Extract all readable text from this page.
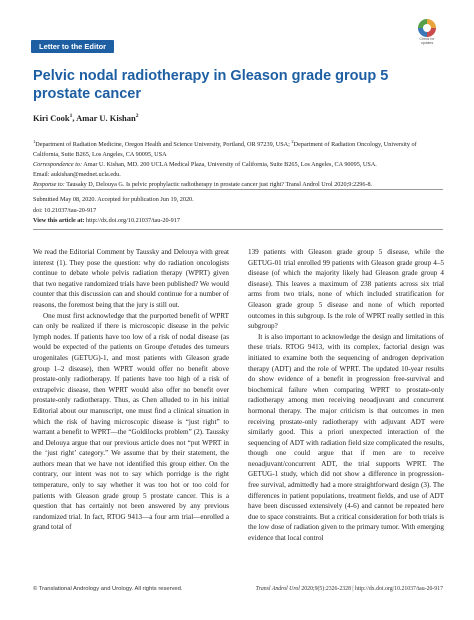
Letter to the Editor
Check for updates
Pelvic nodal radiotherapy in Gleason grade group 5 prostate cancer
Kiri Cook$^1$, Amar U. Kishan$^2$

$^1$Department of Radiation Medicine, Oregon Health and Science University, Portland, OR 97239, USA; $^2$Department of Radiation Oncology, University of California, Suite B265, Los Angeles, CA 90095, USA

Correspondence to: Amar U. Kishan, MD. 200 UCLA Medical Plaza, University of California, Suite B265, Los Angeles, CA 90095, USA.

Email: aukishan@mednet.ucla.edu.

Response to: Tausaky D, Delouya G. Is pelvic prophylactic radiotherapy in prostate cancer just right? Transl Androl Urol 2020;9:2296-8.

Submitted May 08, 2020. Accepted for publication Jun 19, 2020.

doi: 10.21037/tau-20-917

View this article at: http://dx.doi.org/10.21037/tau-20-917

We read the Editorial Comment by Taussky and Delouya with great interest (1). They pose the question: why do radiation oncologists continue to debate whole pelvis radiation therapy (WPRT) given that two negative randomized trials have been published? We would counter that this discussion can and should continue for a number of reasons, the foremost being that the jury is still out.

One must first acknowledge that the purported benefit of WPRT can only be realized if there is microscopic disease in the pelvic lymph nodes. If patients have too low of a risk of nodal disease (as would be expected of the patients on Groupe d'etudes des tumeurs urogenitales (GETUG)-1, and most patients with Gleason grade group 1–2 disease), then WPRT would offer no benefit above prostate-only radiotherapy. If patients have too high of a risk of extrapelvic disease, then WPRT would also offer no benefit over prostate-only radiotherapy. Thus, as Chen alluded to in his initial Editorial about our manuscript, one must find a clinical situation in which the risk of having microscopic disease is “just right” to warrant a benefit to WPRT—the “Goldilocks problem” (2). Taussky and Delouya argue that our previous article does not “put WPRT in the ‘just right’ category.” We assume that by their statement, the authors mean that we have not identified this group either. On the contrary, our intent was not to say which porridge is the right temperature, only to say whether it was too hot or too cold for patients with Gleason grade group 5 prostate cancer. This is a question that has certainly not been answered by any previous randomized trial. In fact, RTOG 9413—a four arm trial—enrolled a grand total of

139 patients with Gleason grade group 5 disease, while the GETUG-01 trial enrolled 99 patients with Gleason grade group 4–5 disease (of which the majority likely had Gleason grade group 4 disease). This leaves a maximum of 238 patients across six trial arms from two trials, none of which included stratification for Gleason grade group 5 disease and none of which reported outcomes in this subgroup. Is the role of WPRT really settled in this subgroup?

It is also important to acknowledge the design and limitations of these trials. RTOG 9413, with its complex, factorial design was initiated to examine both the sequencing of androgen deprivation therapy (ADT) and the role of WPRT. The updated 10-year results do show evidence of a benefit in progression free-survival and biochemical failure when comparing WPRT to prostate-only radiotherapy among men receiving neoadjuvant and concurrent hormonal therapy. The major criticism is that outcomes in men receiving prostate-only radiotherapy with adjuvant ADT were similarly good. This a priori unexpected interaction of the sequencing of ADT with radiation field size complicated the results, though one could argue that if men are to receive neoadjuvant/concurrent ADT, the trial supports WPRT. The GETUG-1 study, which did not show a difference in progression-free survival, admittedly had a more straightforward design (3). The differences in patient populations, treatment fields, and use of ADT have been discussed extensively (4-6) and cannot be repeated here due to space constraints. But a critical consideration for both trials is the low dose of radiation given to the primary tumor. With emerging evidence that local control

© Translational Andrology and Urology. All rights reserved.	Transl Androl Urol 2020;9(5):2326-2328 | http://dx.doi.org/10.21037/tau-20-917
